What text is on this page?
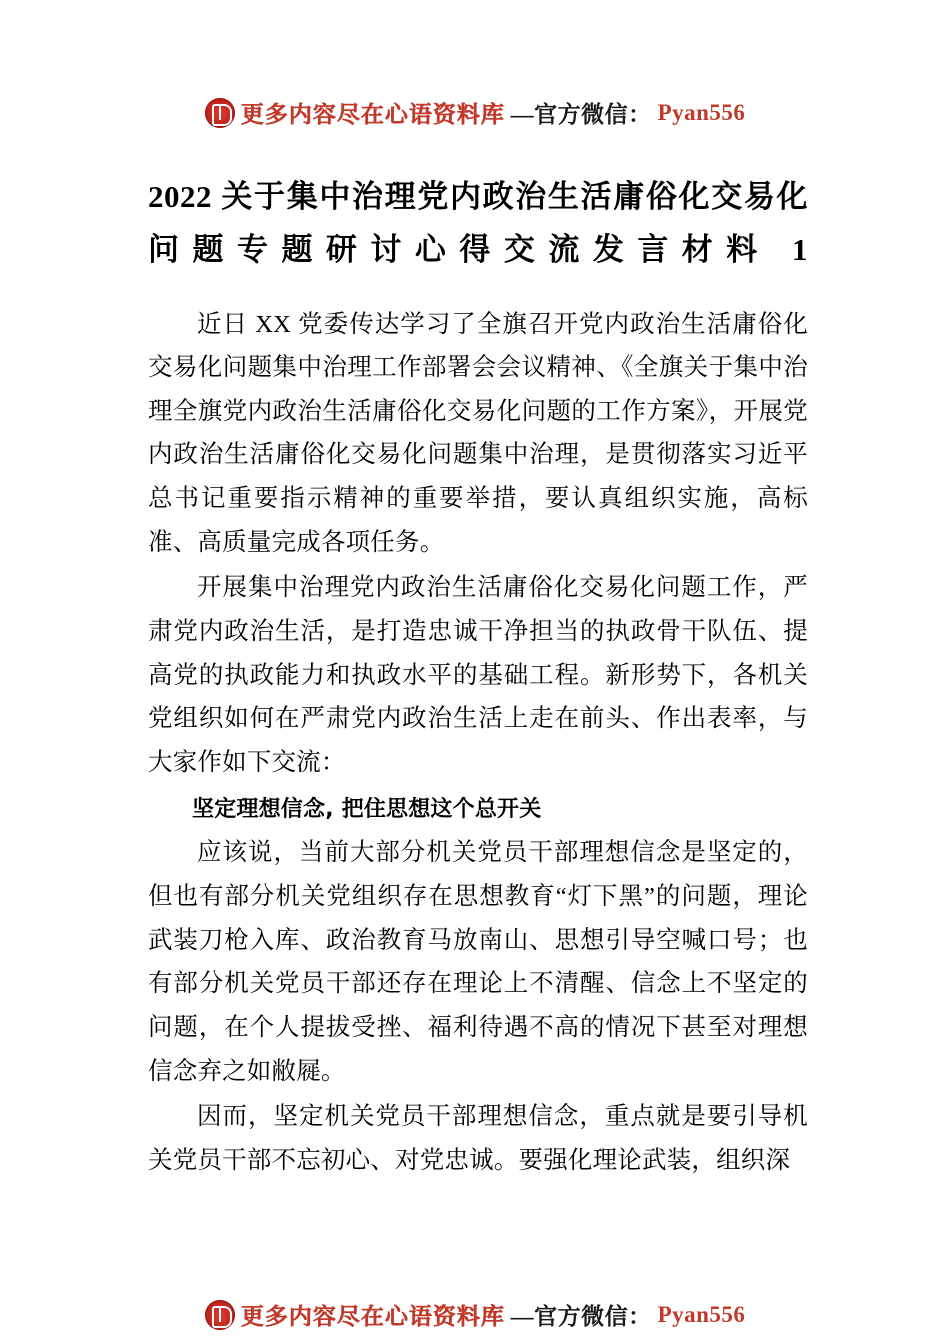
更多内容尽在心语资料库 —官方微信： Pyan556
2022 关于集中治理党内政治生活庸俗化交易化问题专题研讨心得交流发言材料 1

近日 XX 党委传达学习了全旗召开党内政治生活庸俗化交易化问题集中治理工作部署会会议精神、《全旗关于集中治理全旗党内政治生活庸俗化交易化问题的工作方案》，开展党内政治生活庸俗化交易化问题集中治理，是贯彻落实习近平总书记重要指示精神的重要举措，要认真组织实施，高标准、高质量完成各项任务。

开展集中治理党内政治生活庸俗化交易化问题工作，严肃党内政治生活，是打造忠诚干净担当的执政骨干队伍、提高党的执政能力和执政水平的基础工程。新形势下，各机关党组织如何在严肃党内政治生活上走在前头、作出表率，与大家作如下交流：

坚定理想信念, 把住思想这个总开关

应该说，当前大部分机关党员干部理想信念是坚定的，但也有部分机关党组织存在思想教育“灯下黑”的问题，理论武装刀枪入库、政治教育马放南山、思想引导空喊口号；也有部分机关党员干部还存在理论上不清醒、信念上不坚定的问题，在个人提拔受挫、福利待遇不高的情况下甚至对理想信念弃之如敝屣。

因而，坚定机关党员干部理想信念，重点就是要引导机关党员干部不忘初心、对党忠诚。要强化理论武装，组织深

更多内容尽在心语资料库 —官方微信： Pyan556
